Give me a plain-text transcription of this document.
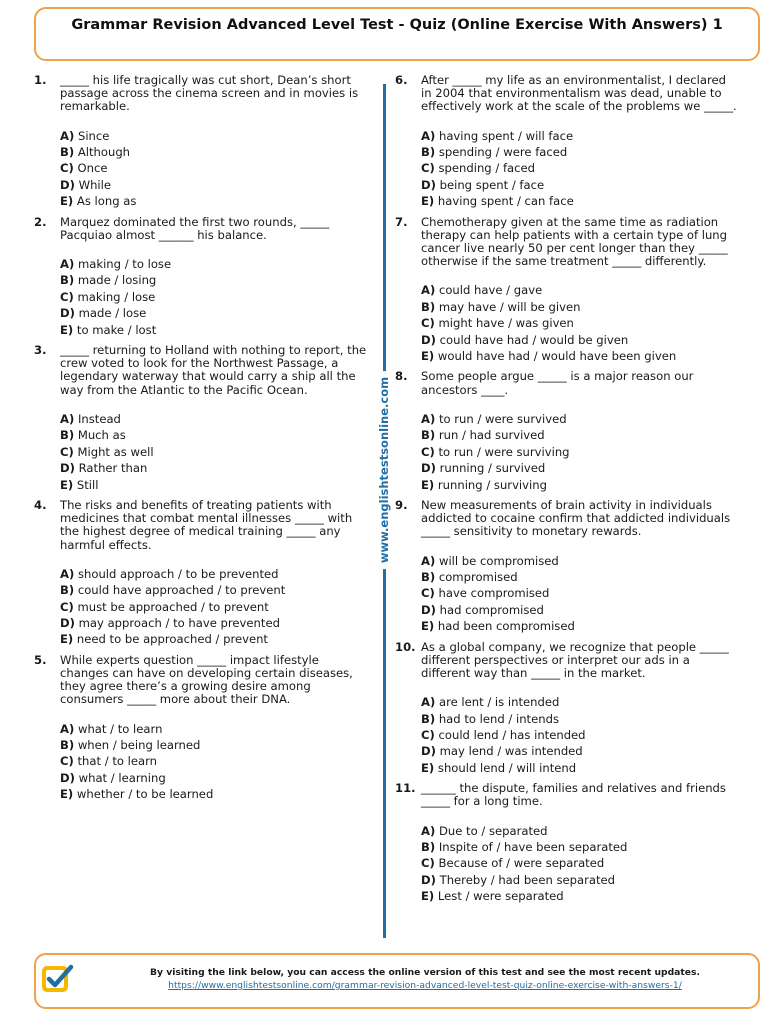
Grammar Revision Advanced Level Test - Quiz (Online Exercise With Answers) 1
1.	_____ his life tragically was cut short, Dean’s short passage across the cinema screen and in movies is remarkable.
A) Since
B) Although
C) Once
D) While
E) As long as
2.	Marquez dominated the first two rounds, _____ Pacquiao almost ______ his balance.
A) making / to lose
B) made / losing
C) making / lose
D) made / lose
E) to make / lost
3.	_____ returning to Holland with nothing to report, the crew voted to look for the Northwest Passage, a legendary waterway that would carry a ship all the way from the Atlantic to the Pacific Ocean.
A) Instead
B) Much as
C) Might as well
D) Rather than
E) Still
4.	The risks and benefits of treating patients with medicines that combat mental illnesses _____ with the highest degree of medical training _____ any harmful effects.
A) should approach / to be prevented
B) could have approached / to prevent
C) must be approached / to prevent
D) may approach / to have prevented
E) need to be approached / prevent
5.	While experts question _____ impact lifestyle changes can have on developing certain diseases, they agree there’s a growing desire among consumers _____ more about their DNA.
A) what / to learn
B) when / being learned
C) that / to learn
D) what / learning
E) whether / to be learned
www.englishtestsonline.com
6.	After _____ my life as an environmentalist, I declared in 2004 that environmentalism was dead, unable to effectively work at the scale of the problems we _____.
A) having spent / will face
B) spending / were faced
C) spending / faced
D) being spent / face
E) having spent / can face
7.	Chemotherapy given at the same time as radiation therapy can help patients with a certain type of lung cancer live nearly 50 per cent longer than they _____ otherwise if the same treatment _____ differently.
A) could have / gave
B) may have / will be given
C) might have / was given
D) could have had / would be given
E) would have had / would have been given
8.	Some people argue _____ is a major reason our ancestors ____.
A) to run / were survived
B) run / had survived
C) to run / were surviving
D) running / survived
E) running / surviving
9.	New measurements of brain activity in individuals addicted to cocaine confirm that addicted individuals _____ sensitivity to monetary rewards.
A) will be compromised
B) compromised
C) have compromised
D) had compromised
E) had been compromised
10. As a global company, we recognize that people _____ different perspectives or interpret our ads in a different way than _____ in the market.
A) are lent / is intended
B) had to lend / intends
C) could lend / has intended
D) may lend / was intended
E) should lend / will intend
11. ______ the dispute, families and relatives and friends _____ for a long time.
A) Due to / separated
B) Inspite of / have been separated
C) Because of / were separated
D) Thereby / had been separated
E) Lest / were separated
By visiting the link below, you can access the online version of this test and see the most recent updates.
https://www.englishtestsonline.com/grammar-revision-advanced-level-test-quiz-online-exercise-with-answers-1/
